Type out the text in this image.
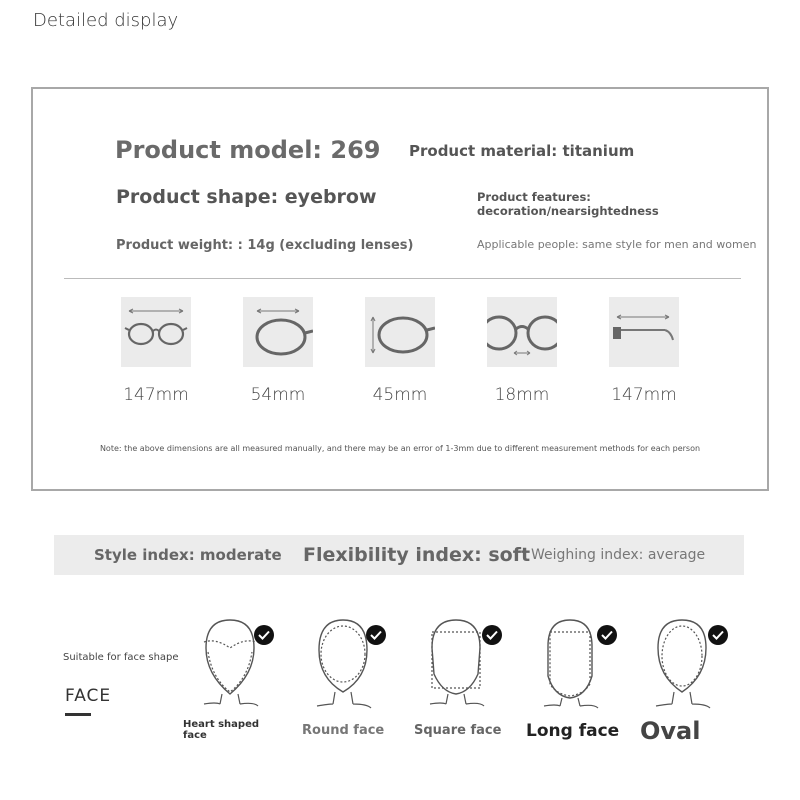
Detailed display
Product model: 269 Product material: titanium
Product shape: eyebrow	Product features: decoration/nearsightedness
Product weight: : 14g (excluding lenses)	Applicable people: same style for men and women
147mm	54mm	45mm	18mm	147mm
Note: the above dimensions are all measured manually, and there may be an error of 1-3mm due to different measurement methods for each person
Style index: moderate Flexibility index: soft Weighing index: average
Suitable for face shape
FACE
Heart shaped face	Round face Square face Long face Oval
